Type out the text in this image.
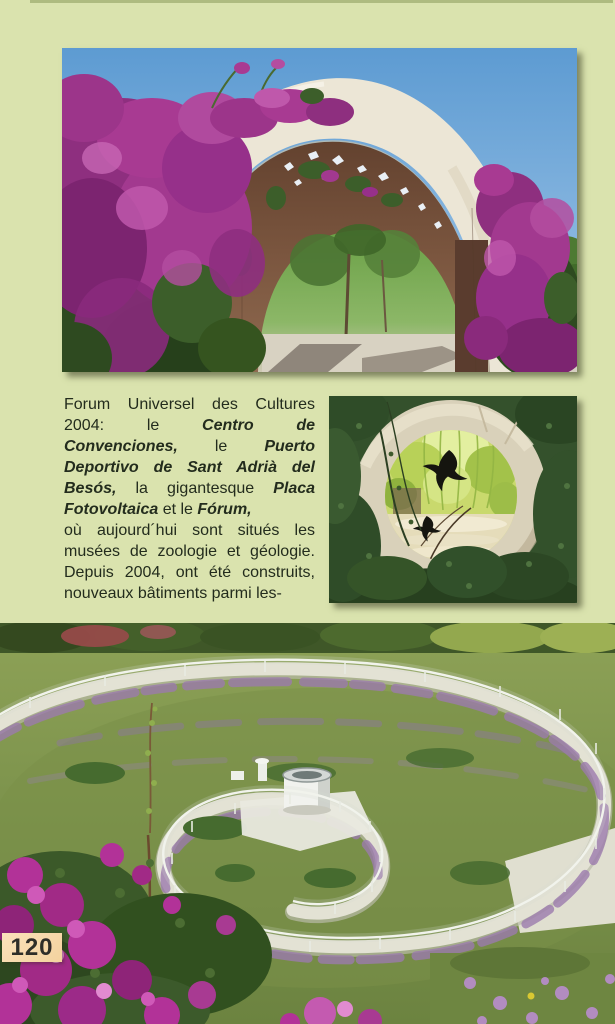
Forum Universel des Cultures
2004:	le	Centro de
Convenciones, le Puerto
Deportivo de Sant Adrià del
Besós, la gigantesque Placa
Fotovoltaica et le Fórum,
où aujourd´hui sont situés les
musées de zoologie et géologie.
Depuis 2004, ont été construits,
nouveaux bâtiments parmi les-
120
